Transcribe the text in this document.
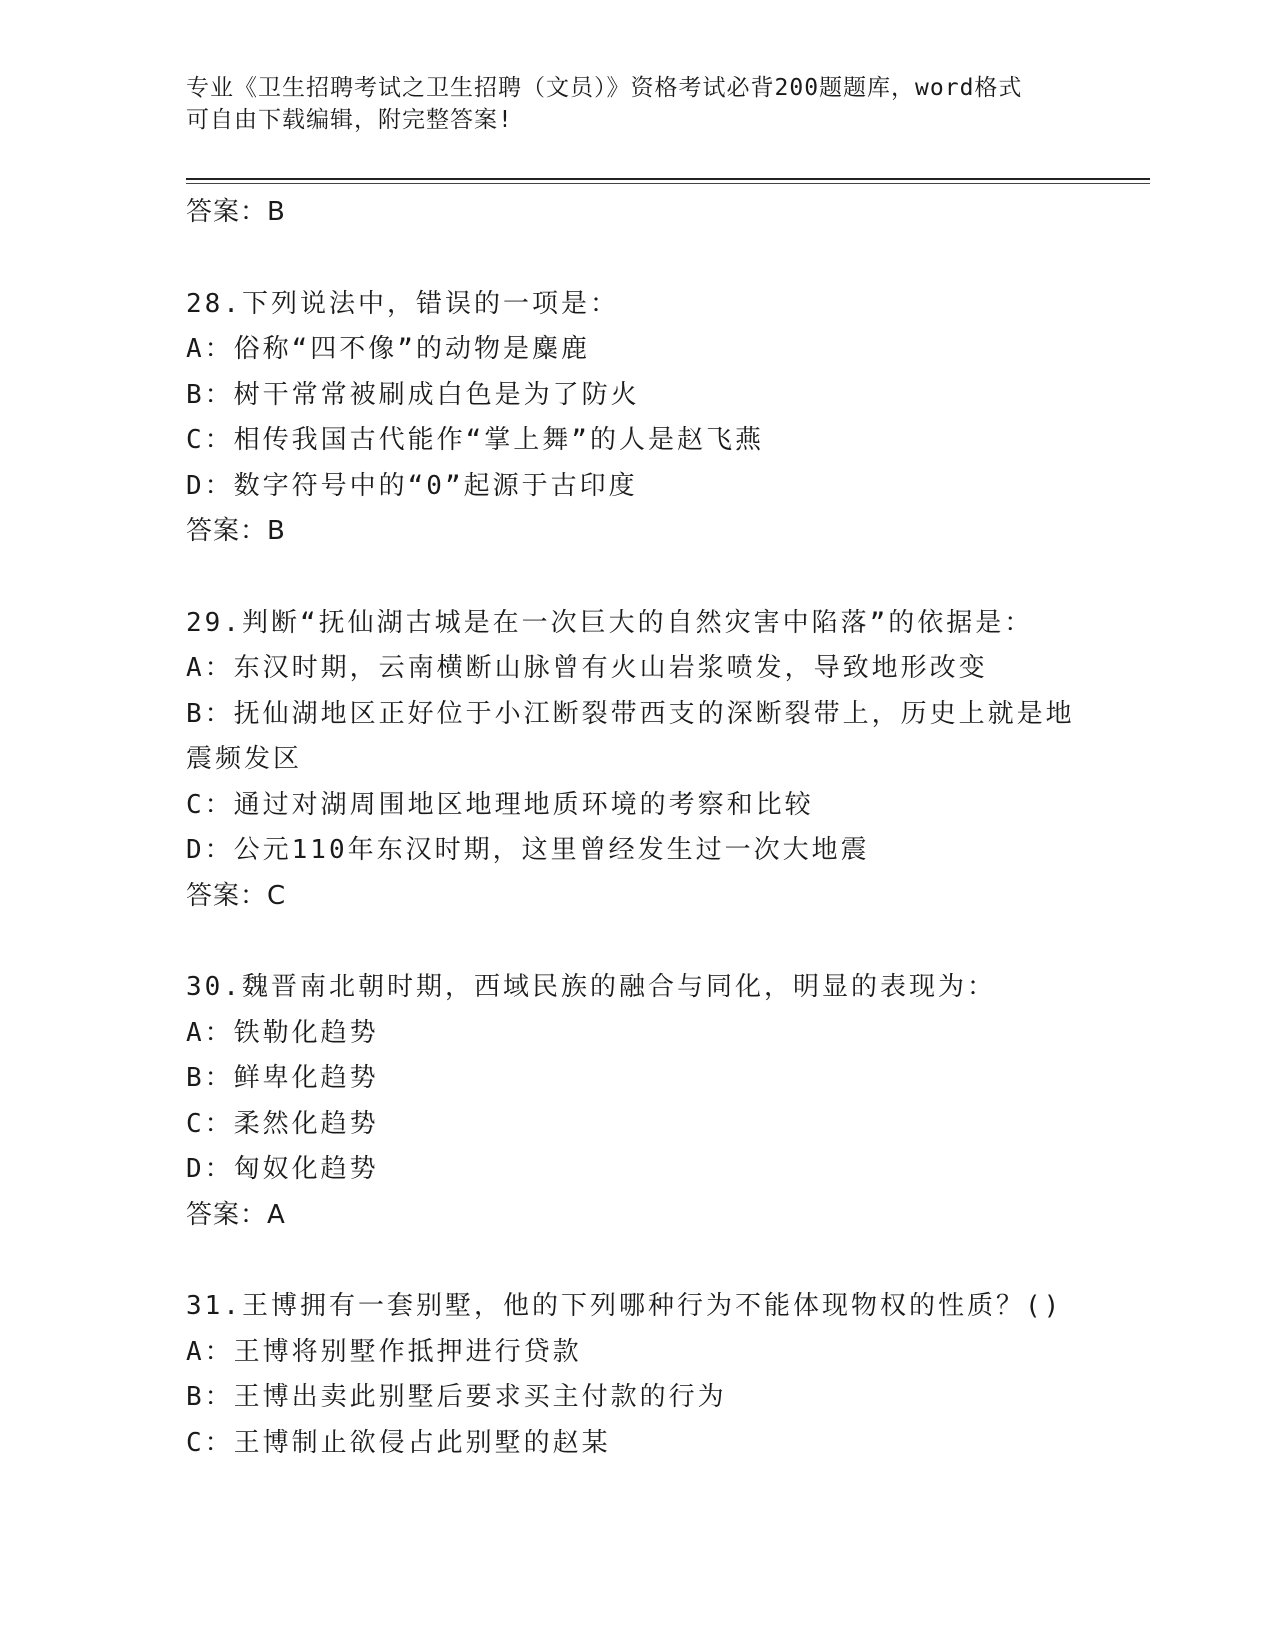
专业《卫生招聘考试之卫生招聘（文员）》资格考试必背200题题库，word格式
可自由下载编辑，附完整答案!
答案：B
28.下列说法中，错误的一项是：
A：俗称“四不像”的动物是麋鹿
B：树干常常被刷成白色是为了防火
C：相传我国古代能作“掌上舞”的人是赵飞燕
D：数字符号中的“0”起源于古印度
答案：B
29.判断“抚仙湖古城是在一次巨大的自然灾害中陷落”的依据是：
A：东汉时期，云南横断山脉曾有火山岩浆喷发，导致地形改变
B：抚仙湖地区正好位于小江断裂带西支的深断裂带上，历史上就是地
震频发区
C：通过对湖周围地区地理地质环境的考察和比较
D：公元110年东汉时期，这里曾经发生过一次大地震
答案：C
30.魏晋南北朝时期，西域民族的融合与同化，明显的表现为：
A：铁勒化趋势
B：鲜卑化趋势
C：柔然化趋势
D：匈奴化趋势
答案：A
31.王博拥有一套别墅，他的下列哪种行为不能体现物权的性质？()
A：王博将别墅作抵押进行贷款
B：王博出卖此别墅后要求买主付款的行为
C：王博制止欲侵占此别墅的赵某
